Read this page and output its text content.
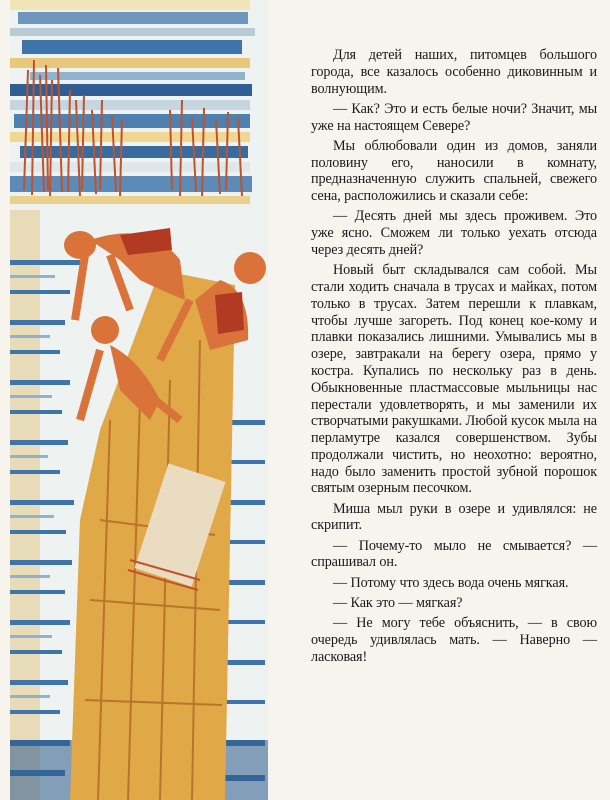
Для детей наших, питомцев большого города, все казалось особенно диковинным и волнующим.

— Как? Это и есть белые ночи? Значит, мы уже на настоящем Севере?

Мы облюбовали один из домов, заняли половину его, наносили в комнату, предназначенную служить спальней, свежего сена, расположились и сказали себе:

— Десять дней мы здесь проживем. Это уже ясно. Сможем ли только уехать отсюда через десять дней?

Новый быт складывался сам собой. Мы стали ходить сначала в трусах и майках, потом только в трусах. Затем перешли к плавкам, чтобы лучше загореть. Под конец кое-кому и плавки показались лишними. Умывались мы в озере, завтракали на берегу озера, прямо у костра. Купались по нескольку раз в день. Обыкновенные пластмассовые мыльницы нас перестали удовлетворять, и мы заменили их створчатыми ракушками. Любой кусок мыла на перламутре казался совершенством. Зубы продолжали чистить, но неохотно: вероятно, надо было заменить простой зубной порошок святым озерным песочком.

Миша мыл руки в озере и удивлялся: не скрипит.

— Почему-то мыло не смывается? — спрашивал он.

— Потому что здесь вода очень мягкая.

— Как это — мягкая?

— Не могу тебе объяснить, — в свою очередь удивлялась мать. — Наверно — ласковая!
